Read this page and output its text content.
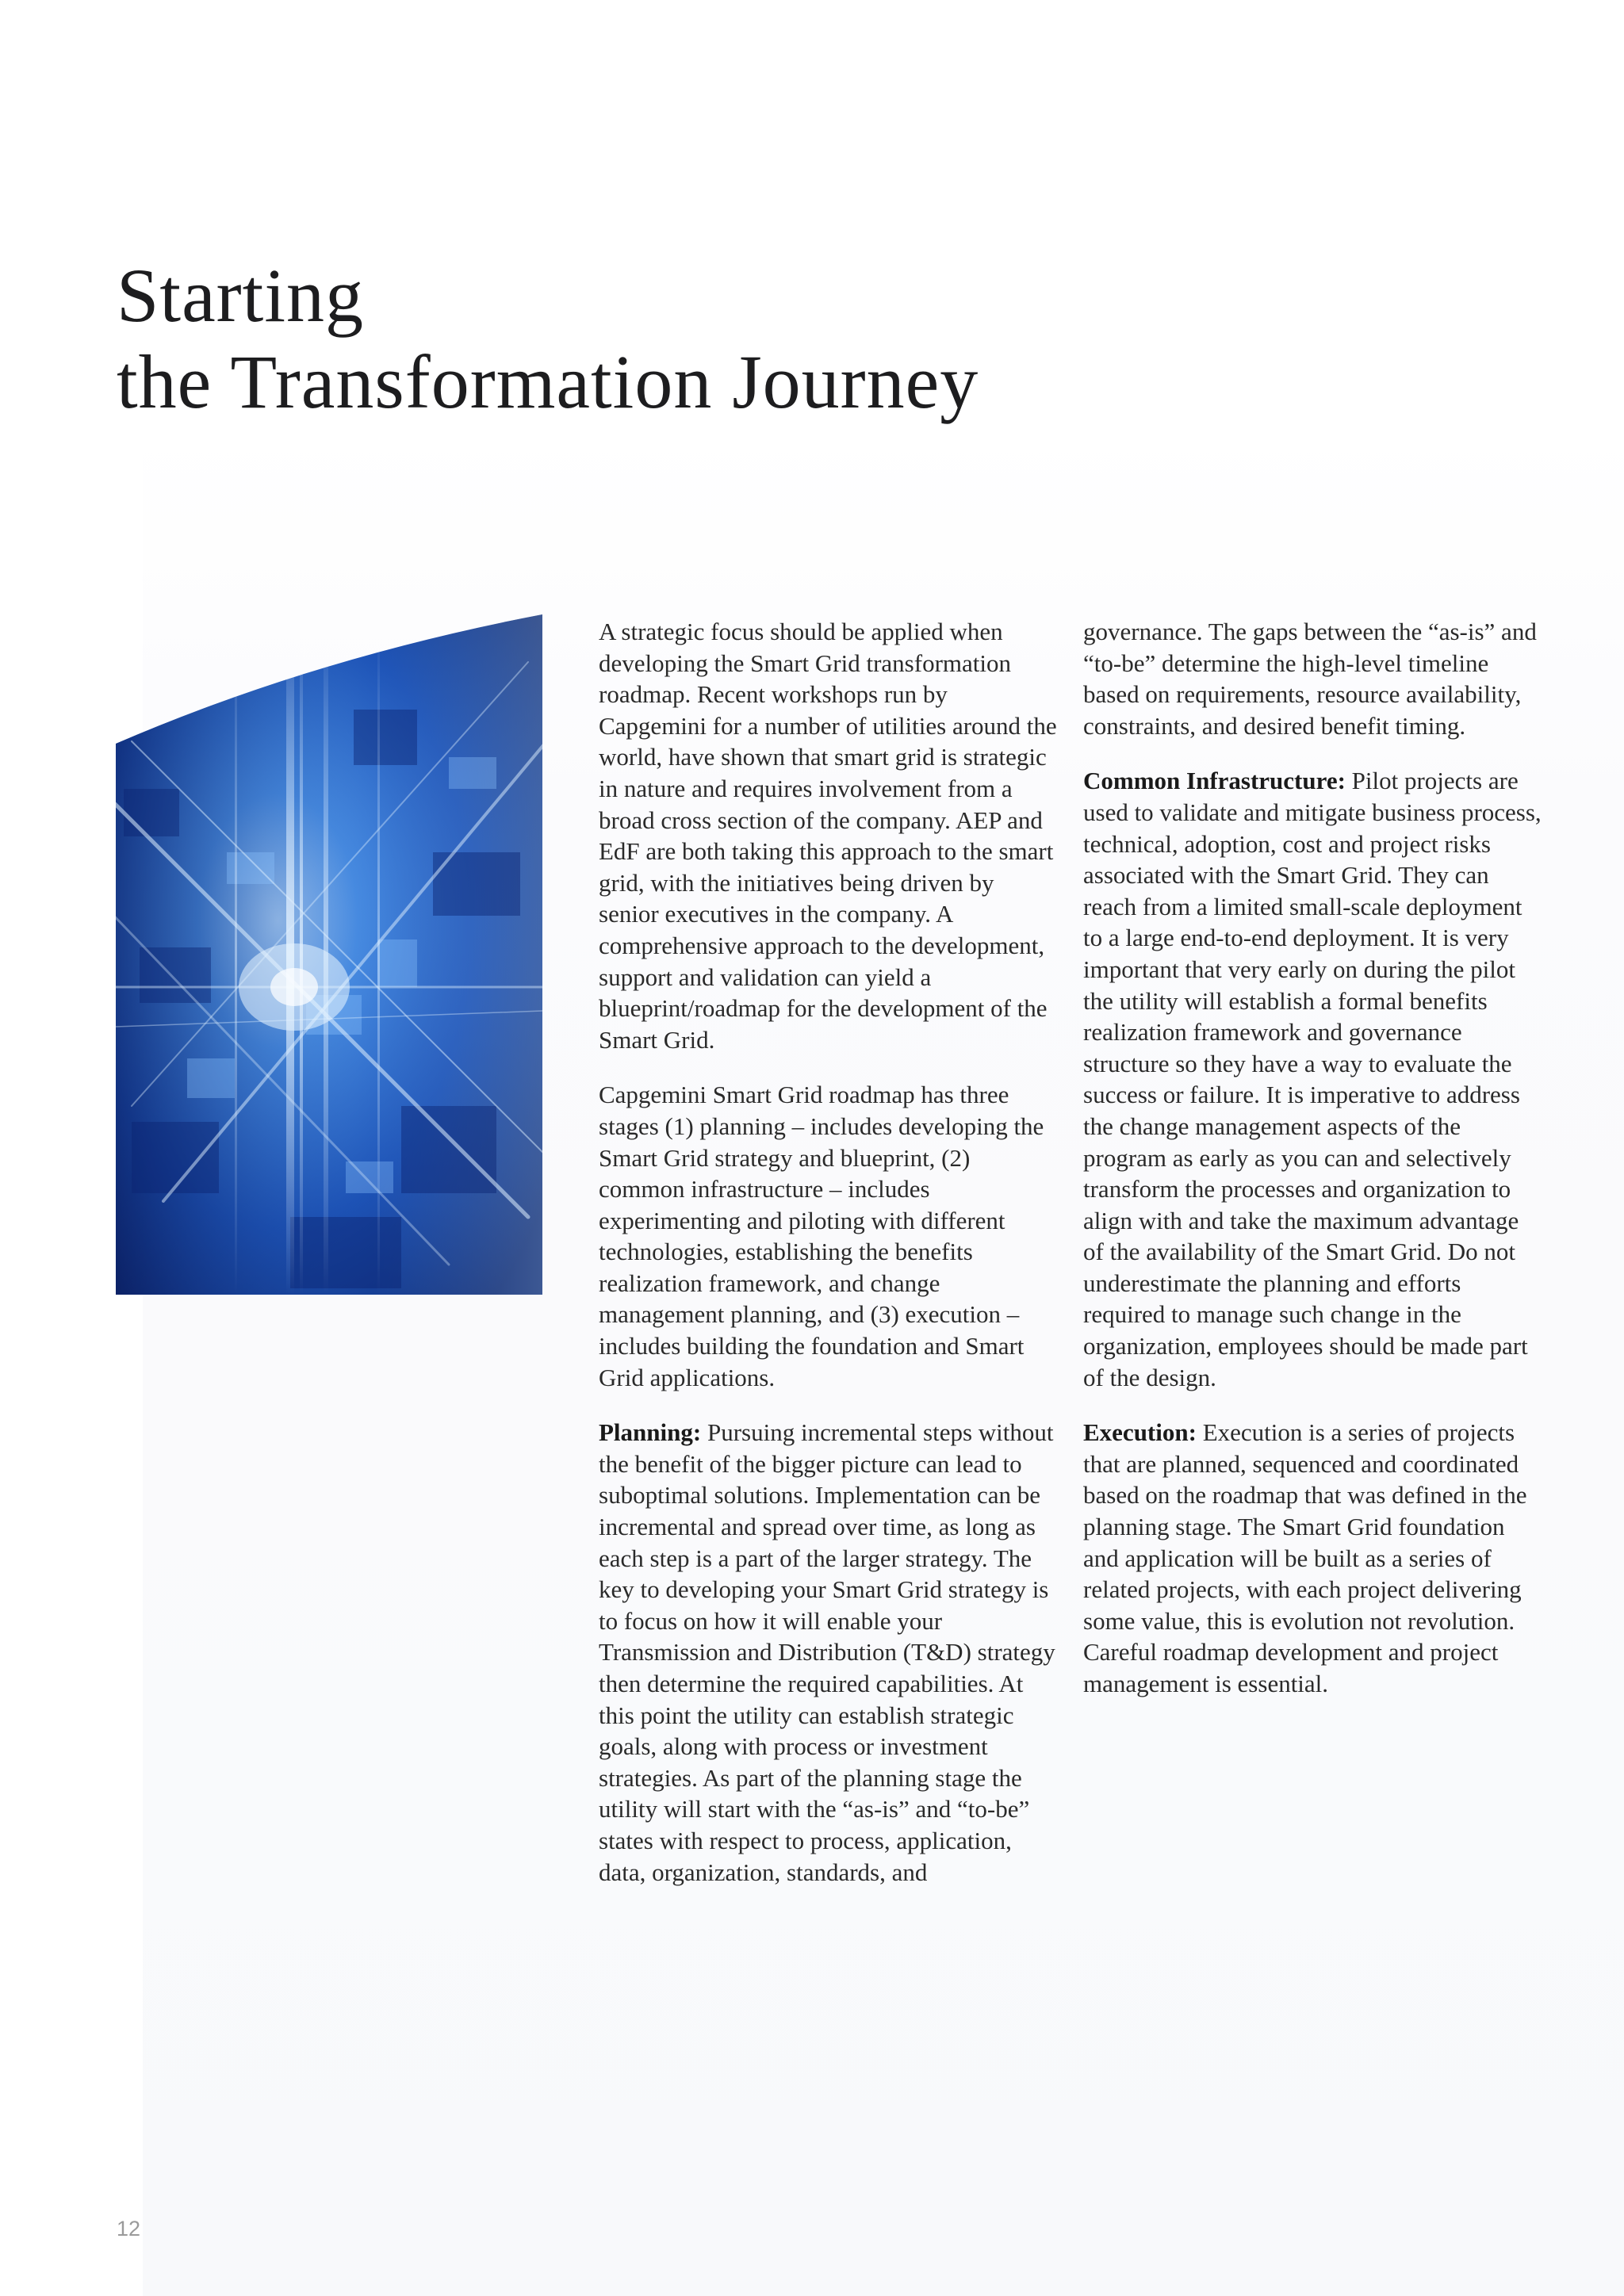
Starting
the Transformation Journey

A strategic focus should be applied when developing the Smart Grid transformation roadmap. Recent workshops run by Capgemini for a number of utilities around the world, have shown that smart grid is strategic in nature and requires involvement from a broad cross section of the company. AEP and EdF are both taking this approach to the smart grid, with the initiatives being driven by senior executives in the company. A comprehensive approach to the development, support and validation can yield a blueprint/roadmap for the development of the Smart Grid.

Capgemini Smart Grid roadmap has three stages (1) planning – includes developing the Smart Grid strategy and blueprint, (2) common infrastructure – includes experimenting and piloting with different technologies, establishing the benefits realization framework, and change management planning, and (3) execution – includes building the foundation and Smart Grid applications.

Planning: Pursuing incremental steps without the benefit of the bigger picture can lead to suboptimal solutions. Implementation can be incremental and spread over time, as long as each step is a part of the larger strategy. The key to developing your Smart Grid strategy is to focus on how it will enable your Transmission and Distribution (T&D) strategy then determine the required capabilities. At this point the utility can establish strategic goals, along with process or investment strategies. As part of the planning stage the utility will start with the “as-is” and “to-be” states with respect to process, application, data, organization, standards, and

governance. The gaps between the “as-is” and “to-be” determine the high-level timeline based on requirements, resource availability, constraints, and desired benefit timing.

Common Infrastructure: Pilot projects are used to validate and mitigate business process, technical, adoption, cost and project risks associated with the Smart Grid. They can reach from a limited small-scale deployment to a large end-to-end deployment. It is very important that very early on during the pilot the utility will establish a formal benefits realization framework and governance structure so they have a way to evaluate the success or failure. It is imperative to address the change management aspects of the program as early as you can and selectively transform the processes and organization to align with and take the maximum advantage of the availability of the Smart Grid. Do not underestimate the planning and efforts required to manage such change in the organization, employees should be made part of the design.

Execution: Execution is a series of projects that are planned, sequenced and coordinated based on the roadmap that was defined in the planning stage. The Smart Grid foundation and application will be built as a series of related projects, with each project delivering some value, this is evolution not revolution. Careful roadmap development and project management is essential.

12
